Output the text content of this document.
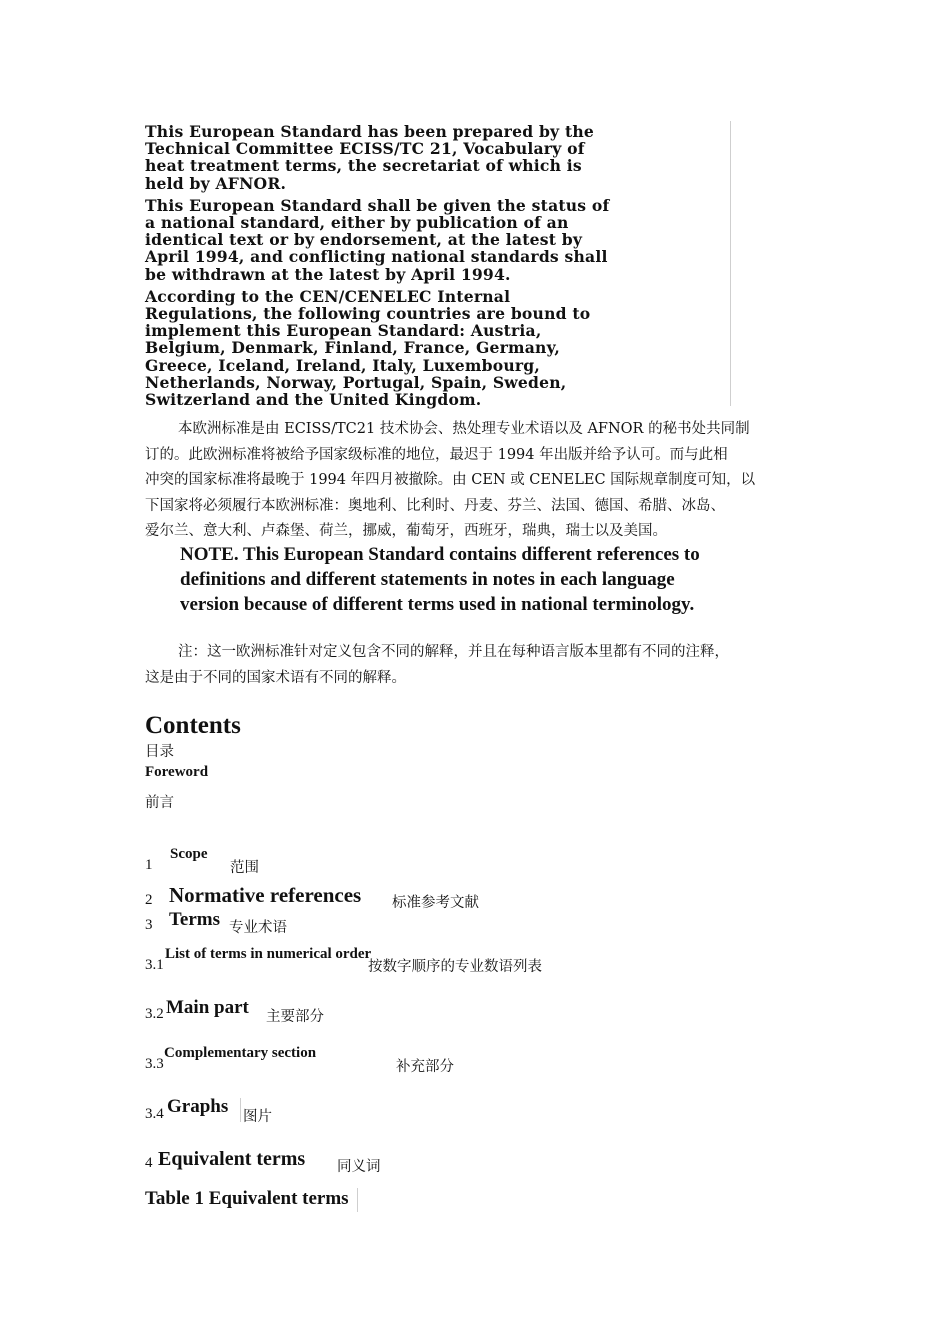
This European Standard has been prepared by the
Technical Committee ECISS/TC 21, Vocabulary of
heat treatment terms, the secretariat of which is
held by AFNOR.
This European Standard shall be given the status of
a national standard, either by publication of an
identical text or by endorsement, at the latest by
April 1994, and conflicting national standards shall
be withdrawn at the latest by April 1994.
According to the CEN/CENELEC Internal
Regulations, the following countries are bound to
implement this European Standard: Austria,
Belgium, Denmark, Finland, France, Germany,
Greece, Iceland, Ireland, Italy, Luxembourg,
Netherlands, Norway, Portugal, Spain, Sweden,
Switzerland and the United Kingdom.
本欧洲标准是由 ECISS/TC21 技术协会、热处理专业术语以及 AFNOR 的秘书处共同制
订的。此欧洲标准将被给予国家级标准的地位，最迟于 1994 年出版并给予认可。而与此相
冲突的国家标准将最晚于 1994 年四月被撤除。由 CEN 或 CENELEC 国际规章制度可知，以
下国家将必须履行本欧洲标准：奥地利、比利时、丹麦、芬兰、法国、德国、希腊、冰岛、
爱尔兰、意大利、卢森堡、荷兰，挪威，葡萄牙，西班牙，瑞典，瑞士以及美国。
NOTE. This European Standard contains different references to
definitions and different statements in notes in each language
version because of different terms used in national terminology.
注：这一欧洲标准针对定义包含不同的解释，并且在每种语言版本里都有不同的注释，
这是由于不同的国家术语有不同的解释。
Contents
目录
Foreword
前言
1
Scope
范围
2 Normative references 标准参考文献
3 Terms 专业术语
3.1
List of terms in numerical order
按数字顺序的专业数语列表
3.2 Main part 主要部分
3.3
Complementary section
补充部分
3.4 Graphs 图片
4 Equivalent terms 同义词
Table 1 Equivalent terms
